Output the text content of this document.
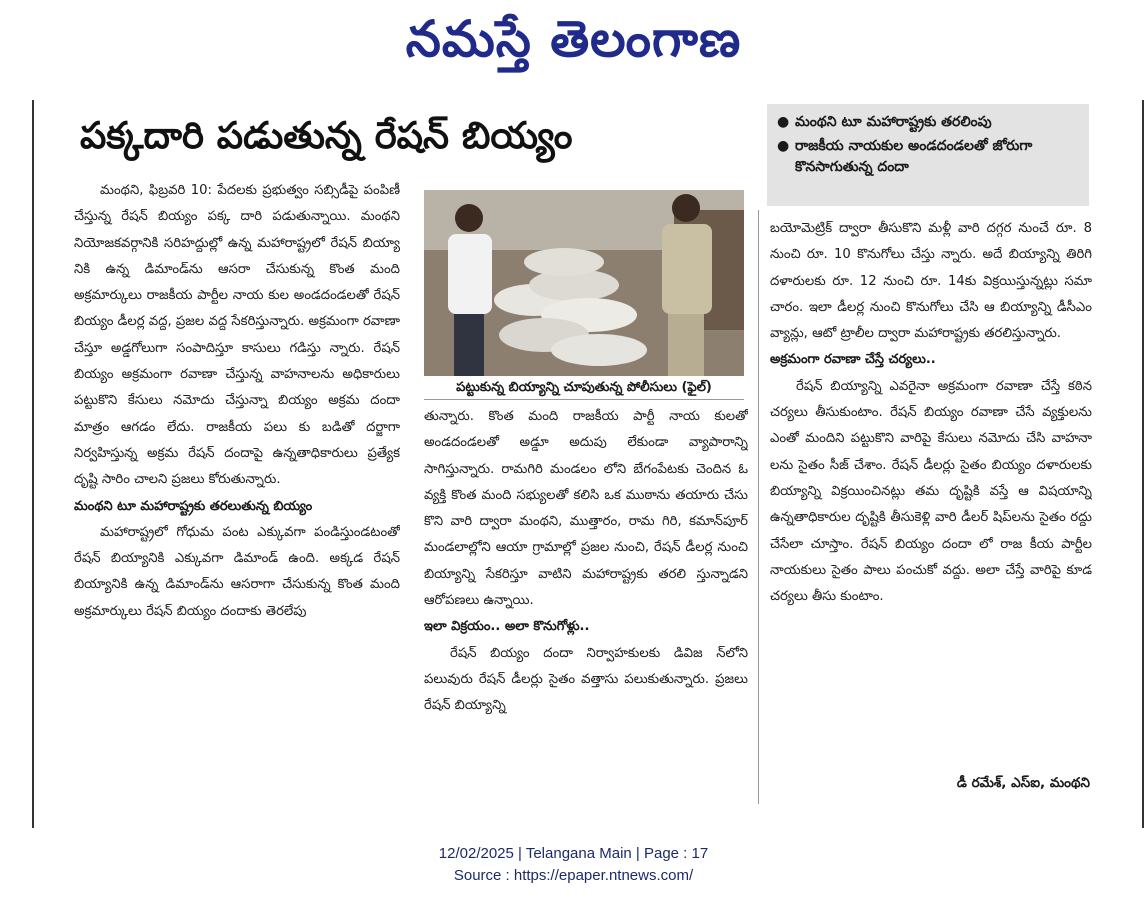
నమస్తే తెలంగాణ
పక్కదారి పడుతున్న రేషన్ బియ్యం
●	మంథని టూ మహారాష్ట్రకు తరలింపు
● రాజకీయ నాయకుల అండదండలతో జోరుగా కొనసాగుతున్న దందా

మంథని, ఫిబ్రవరి 10: పేదలకు ప్రభుత్వం సబ్సిడీపై పంపిణీ చేస్తున్న రేషన్ బియ్యం పక్క దారి పడుతున్నాయి. మంథని నియోజకవర్గానికి సరిహద్దుల్లో ఉన్న మహారాష్ట్రలో రేషన్ బియ్యా నికి ఉన్న డిమాండ్‌ను ఆసరా చేసుకున్న కొంత మంది అక్రమార్కులు రాజకీయ పార్టీల నాయ కుల అండదండలతో రేషన్ బియ్యం డీలర్ల వద్ద, ప్రజల వద్ద సేకరిస్తున్నారు. అక్రమంగా రవాణా చేస్తూ అడ్డగోలుగా సంపాదిస్తూ కాసులు గడిస్తు న్నారు. రేషన్ బియ్యం అక్రమంగా రవాణా చేస్తున్న వాహనాలను అధికారులు పట్టుకొని కేసులు నమోదు చేస్తున్నా బియ్యం అక్రమ దందా మాత్రం ఆగడం లేదు. రాజకీయ పలు కు బడితో దర్జాగా నిర్వహిస్తున్న అక్రమ రేషన్ దందాపై ఉన్నతాధికారులు ప్రత్యేక దృష్టి సారిం చాలని ప్రజలు కోరుతున్నారు.

మంథని టూ మహారాష్ట్రకు తరలుతున్న బియ్యం

మహారాష్ట్రలో గోధుమ పంట ఎక్కువగా పండిస్తుండటంతో రేషన్ బియ్యానికి ఎక్కువగా డిమాండ్ ఉంది. అక్కడ రేషన్ బియ్యానికి ఉన్న డిమాండ్‌ను ఆసరాగా చేసుకున్న కొంత మంది అక్రమార్కులు రేషన్ బియ్యం దందాకు తెరలేపు

పట్టుకున్న బియ్యాన్ని చూపుతున్న పోలీసులు (ఫైల్)

తున్నారు. కొంత మంది రాజకీయ పార్టీ నాయ కులతో అండదండలతో అడ్డూ అదుపు లేకుండా వ్యాపారాన్ని సాగిస్తున్నారు. రామగిరి మండలం లోని బేగంపేటకు చెందిన ఓ వ్యక్తి కొంత మంది సభ్యులతో కలిసి ఒక ముఠాను తయారు చేసు కొని వారి ద్వారా మంథని, ముత్తారం, రామ గిరి, కమాన్‌పూర్ మండలాల్లోని ఆయా గ్రామాల్లో ప్రజల నుంచి, రేషన్ డీలర్ల నుంచి బియ్యాన్ని సేకరిస్తూ వాటిని మహారాష్ట్రకు తరలి స్తున్నాడని ఆరోపణలు ఉన్నాయి.

ఇలా విక్రయం.. అలా కొనుగోళ్లు..

రేషన్ బియ్యం దందా నిర్వాహకులకు డివిజ న్‌లోని పలువురు రేషన్ డీలర్లు సైతం వత్తాసు పలుకుతున్నారు. ప్రజలు రేషన్ బియ్యాన్ని

బయోమెట్రిక్ ద్వారా తీసుకొని మళ్లీ వారి దగ్గర నుంచే రూ. 8 నుంచి రూ. 10 కొనుగోలు చేస్తు న్నారు. అదే బియ్యాన్ని తిరిగి దళారులకు రూ. 12 నుంచి రూ. 14కు విక్రయిస్తున్నట్లు సమా చారం. ఇలా డీలర్ల నుంచి కొనుగోలు చేసి ఆ బియ్యాన్ని డీసీఎం వ్యాన్లు, ఆటో ట్రాలీల ద్వారా మహారాష్ట్రకు తరలిస్తున్నారు.

అక్రమంగా రవాణా చేస్తే చర్యలు..

రేషన్ బియ్యాన్ని ఎవరైనా అక్రమంగా రవాణా చేస్తే కఠిన చర్యలు తీసుకుంటాం. రేషన్ బియ్యం రవాణా చేసే వ్యక్తులను ఎంతో మందిని పట్టుకొని వారిపై కేసులు నమోదు చేసి వాహనా లను సైతం సీజ్ చేశాం. రేషన్ డీలర్లు సైతం బియ్యం దళారులకు బియ్యాన్ని విక్రయించినట్లు తమ దృష్టికి వస్తే ఆ విషయాన్ని ఉన్నతాధికారుల దృష్టికి తీసుకెళ్లి వారి డీలర్ షిప్‌లను సైతం రద్దు చేసేలా చూస్తాం. రేషన్ బియ్యం దందా లో రాజ కీయ పార్టీల నాయకులు సైతం పాలు పంచుకో వద్దు. అలా చేస్తే వారిపై కూడ చర్యలు తీసు కుంటాం.

డీ రమేశ్, ఎస్ఐ, మంథని
12/02/2025 | Telangana Main | Page : 17
Source : https://epaper.ntnews.com/
